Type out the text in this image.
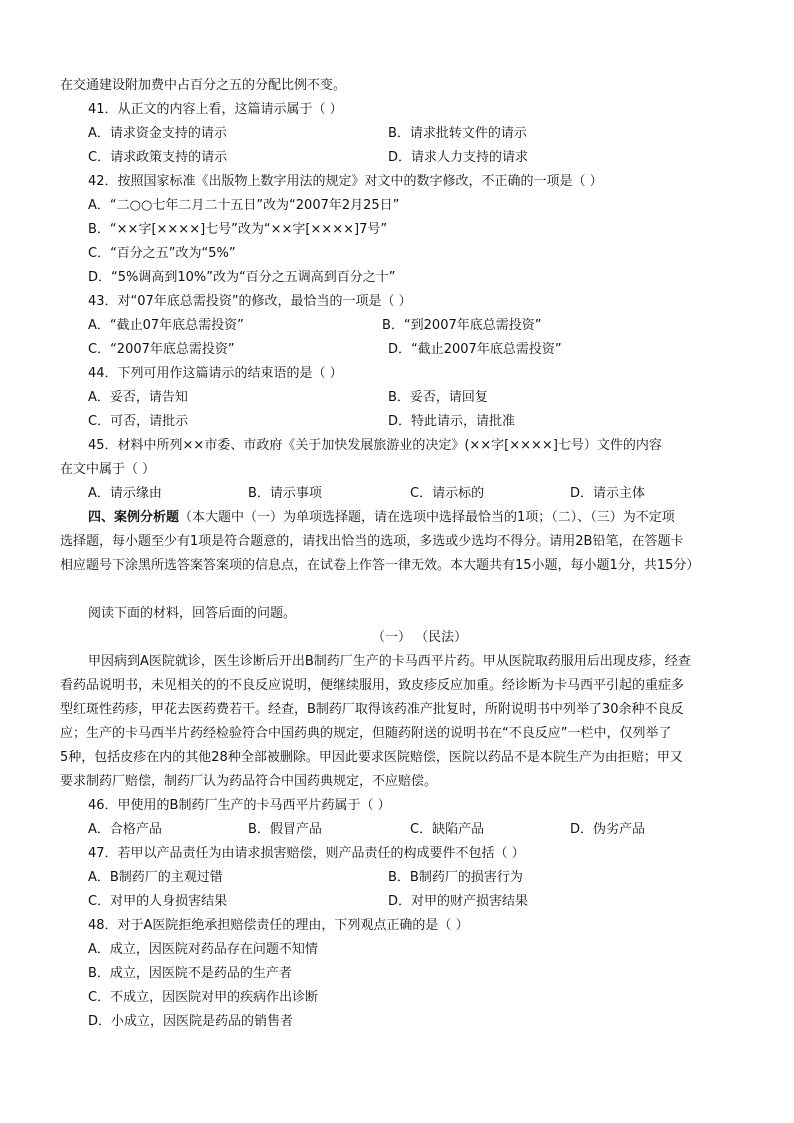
在交通建设附加费中占百分之五的分配比例不变。
41．从正文的内容上看，这篇请示属于（ ）
A．请求资金支持的请示	B．请求批转文件的请示
C．请求政策支持的请示	D．请求人力支持的请求
42．按照国家标准《出版物上数字用法的规定》对文中的数字修改，不正确的一项是（ ）
A．“二○○七年二月二十五日”改为“2007年2月25日”
B．“××字[××××]七号”改为“××字[××××]7号”
C．“百分之五”改为“5%”
D．“5%调高到10%”改为“百分之五调高到百分之十”
43．对“07年底总需投资”的修改，最恰当的一项是（ ）
A．“截止07年底总需投资”	B．“到2007年底总需投资”
C．“2007年底总需投资”	D．“截止2007年底总需投资”
44．下列可用作这篇请示的结束语的是（ ）
A．妥否，请告知	B．妥否，请回复
C．可否，请批示	D．特此请示，请批准
45．材料中所列××市委、市政府《关于加快发展旅游业的决定》(××字[××××]七号）文件的内容
在文中属于（ ）
A．请示缘由	B．请示事项	C．请示标的	D．请示主体
四、案例分析题（本大题中（一）为单项选择题，请在选项中选择最恰当的1项；（二）、（三）为不定项
选择题，每小题至少有1项是符合题意的，请找出恰当的选项，多选或少选均不得分。请用2B铅笔，在答题卡
相应题号下涂黑所选答案答案项的信息点，在试卷上作答一律无效。本大题共有15小题，每小题1分，共15分）
阅读下面的材料，回答后面的问题。
（一） （民法）
甲因病到A医院就诊，医生诊断后开出B制药厂生产的卡马西平片药。甲从医院取药服用后出现皮疹，经查
看药品说明书，未见相关的的不良反应说明，便继续服用，致皮疹反应加重。经诊断为卡马西平引起的重症多
型红斑性药疹，甲花去医药费若干。经查，B制药厂取得该药准产批复时，所附说明书中列举了30余种不良反
应；生产的卡马西半片药经检验符合中国药典的规定，但随药附送的说明书在“不良反应”一栏中，仅列举了
5种，包括皮疹在内的其他28种全部被删除。甲因此要求医院赔偿，医院以药品不是本院生产为由拒赔；甲又
要求制药厂赔偿，制药厂认为药品符合中国药典规定，不应赔偿。
46．甲使用的B制药厂生产的卡马西平片药属于（ ）
A．合格产品	B．假冒产品	C．缺陷产品	D．伪劣产品
47．若甲以产品责任为由请求损害赔偿，则产品责任的构成要件不包括（ ）
A．B制药厂的主观过错	B．B制药厂的损害行为
C．对甲的人身损害结果	D．对甲的财产损害结果
48．对于A医院拒绝承担赔偿责任的理由，下列观点正确的是（ ）
A．成立，因医院对药品存在问题不知情
B．成立，因医院不是药品的生产者
C．不成立，因医院对甲的疾病作出诊断
D．小成立，因医院是药品的销售者
